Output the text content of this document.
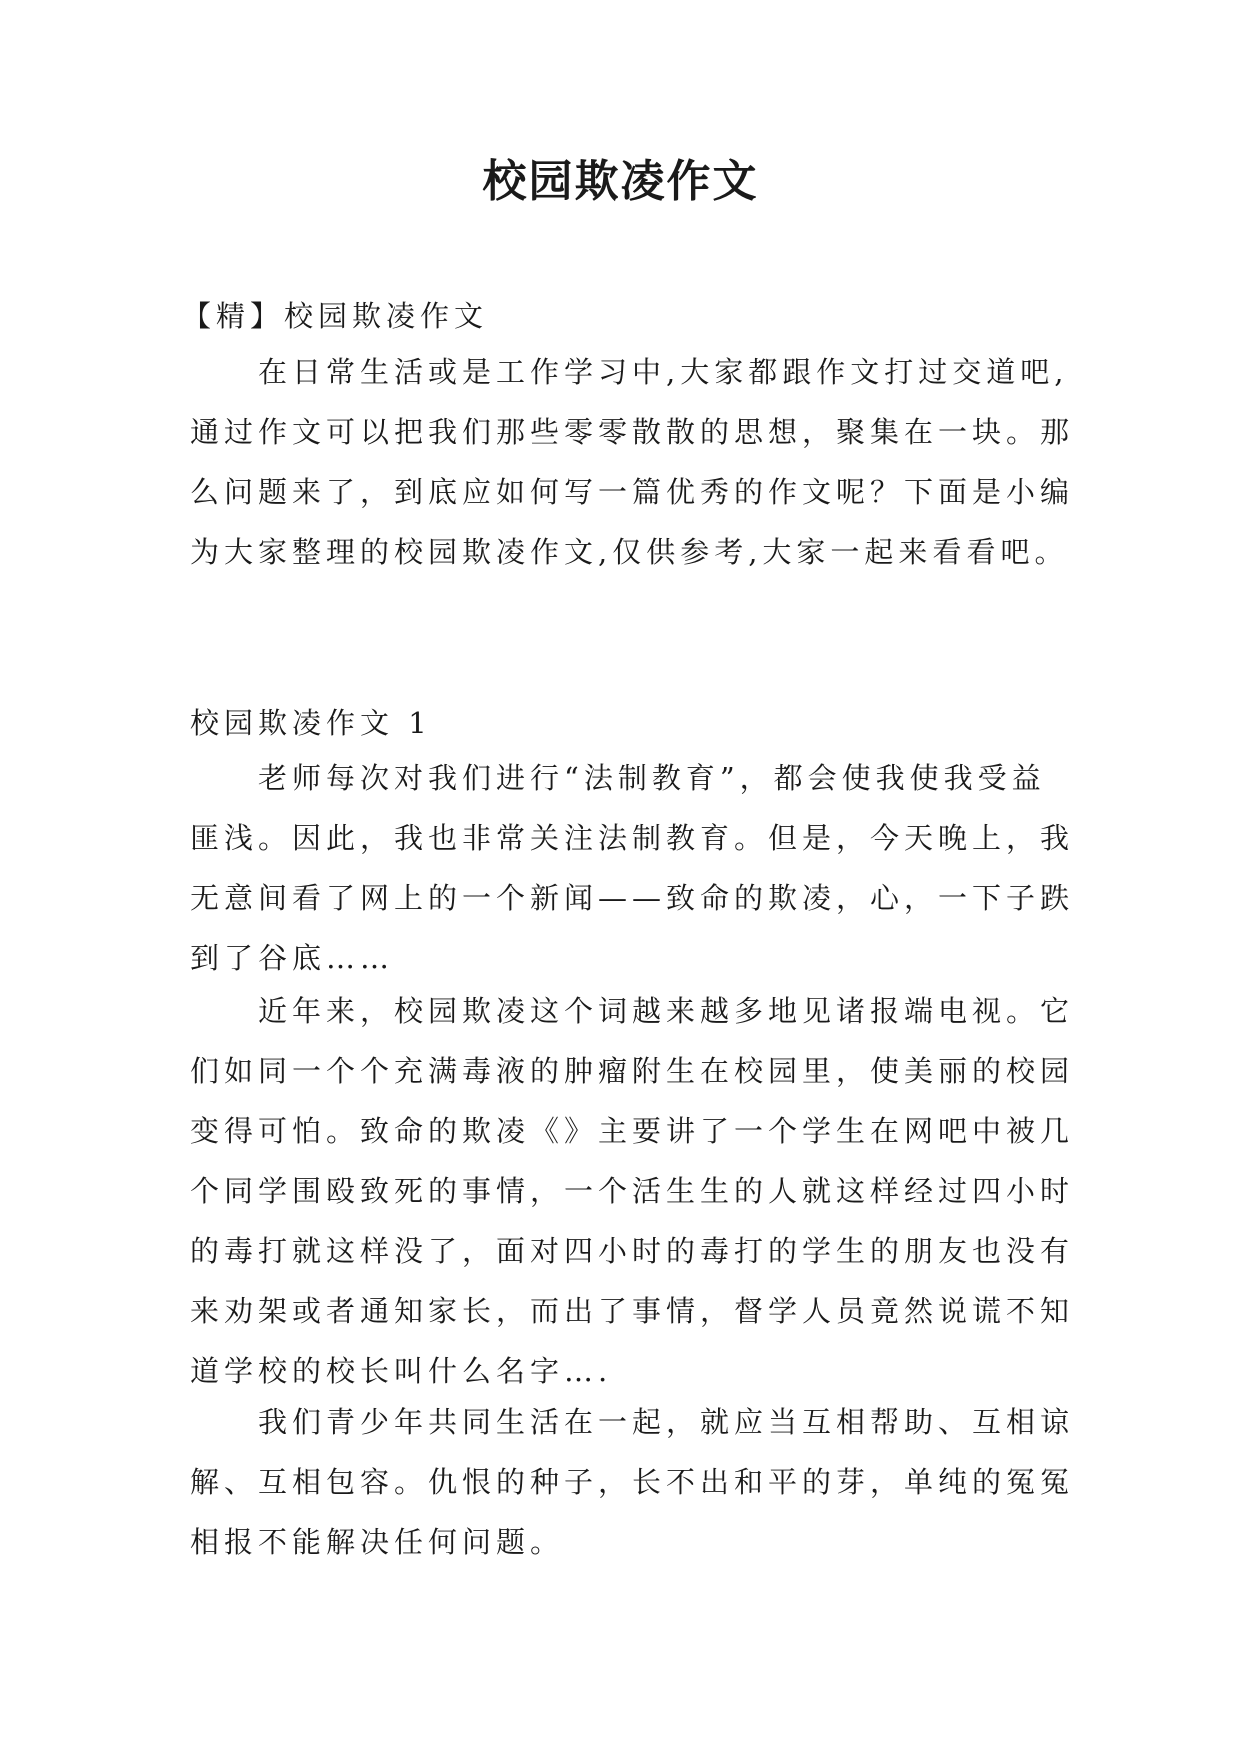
校园欺凌作文

【精】校园欺凌作文

在日常生活或是工作学习中,大家都跟作文打过交道吧,
通过作文可以把我们那些零零散散的思想，聚集在一块。那
么问题来了，到底应如何写一篇优秀的作文呢？下面是小编
为大家整理的校园欺凌作文,仅供参考,大家一起来看看吧。

校园欺凌作文 1

老师每次对我们进行“法制教育”，都会使我使我受益
匪浅。因此，我也非常关注法制教育。但是，今天晚上，我
无意间看了网上的一个新闻——致命的欺凌，心，一下子跌
到了谷底……

近年来，校园欺凌这个词越来越多地见诸报端电视。它
们如同一个个充满毒液的肿瘤附生在校园里，使美丽的校园
变得可怕。致命的欺凌《》主要讲了一个学生在网吧中被几
个同学围殴致死的事情，一个活生生的人就这样经过四小时
的毒打就这样没了，面对四小时的毒打的学生的朋友也没有
来劝架或者通知家长，而出了事情，督学人员竟然说谎不知
道学校的校长叫什么名字….

我们青少年共同生活在一起，就应当互相帮助、互相谅
解、互相包容。仇恨的种子，长不出和平的芽，单纯的冤冤
相报不能解决任何问题。
